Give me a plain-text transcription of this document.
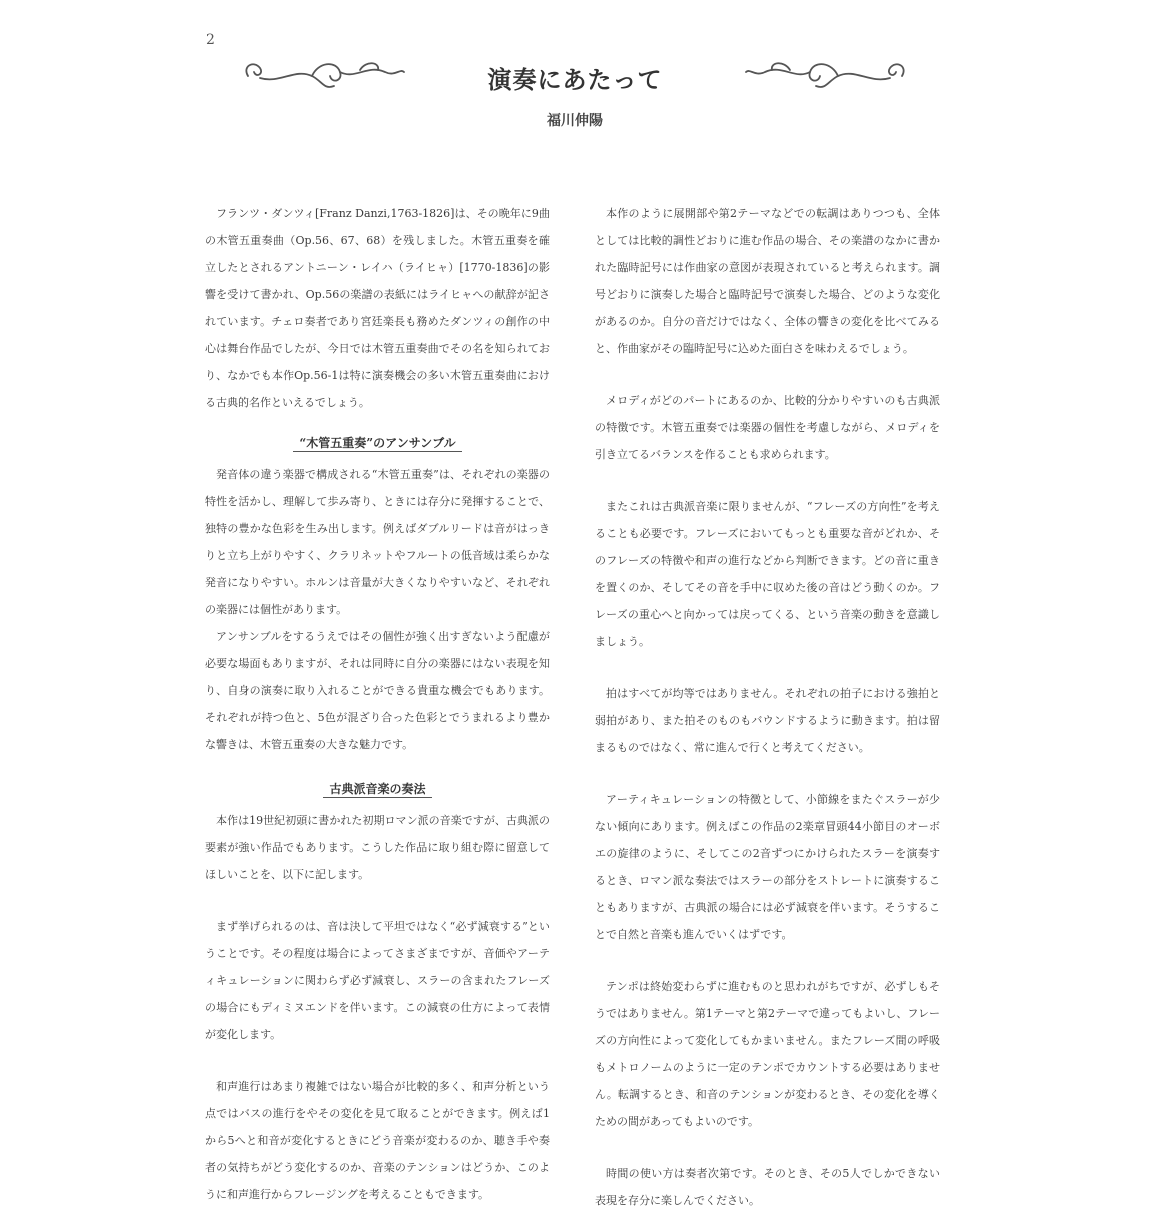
2
演奏にあたって
福川伸陽

フランツ・ダンツィ[Franz Danzi,1763-1826]は、その晩年に9曲の木管五重奏曲（Op.56、67、68）を残しました。木管五重奏を確立したとされるアントニーン・レイハ（ライヒャ）[1770-1836]の影響を受けて書かれ、Op.56の楽譜の表紙にはライヒャへの献辞が記されています。チェロ奏者であり宮廷楽長も務めたダンツィの創作の中心は舞台作品でしたが、今日では木管五重奏曲でその名を知られており、なかでも本作Op.56-1は特に演奏機会の多い木管五重奏曲における古典的名作といえるでしょう。

“木管五重奏”のアンサンブル

発音体の違う楽器で構成される“木管五重奏”は、それぞれの楽器の特性を活かし、理解して歩み寄り、ときには存分に発揮することで、独特の豊かな色彩を生み出します。例えばダブルリードは音がはっきりと立ち上がりやすく、クラリネットやフルートの低音域は柔らかな発音になりやすい。ホルンは音量が大きくなりやすいなど、それぞれの楽器には個性があります。

アンサンブルをするうえではその個性が強く出すぎないよう配慮が必要な場面もありますが、それは同時に自分の楽器にはない表現を知り、自身の演奏に取り入れることができる貴重な機会でもあります。それぞれが持つ色と、5色が混ざり合った色彩とでうまれるより豊かな響きは、木管五重奏の大きな魅力です。

古典派音楽の奏法

本作は19世紀初頭に書かれた初期ロマン派の音楽ですが、古典派の要素が強い作品でもあります。こうした作品に取り組む際に留意してほしいことを、以下に記します。

まず挙げられるのは、音は決して平坦ではなく“必ず減衰する”ということです。その程度は場合によってさまざまですが、音価やアーティキュレーションに関わらず必ず減衰し、スラーの含まれたフレーズの場合にもディミヌエンドを伴います。この減衰の仕方によって表情が変化します。

和声進行はあまり複雑ではない場合が比較的多く、和声分析という点ではバスの進行をやその変化を見て取ることができます。例えば1から5へと和音が変化するときにどう音楽が変わるのか、聴き手や奏者の気持ちがどう変化するのか、音楽のテンションはどうか、このように和声進行からフレージングを考えることもできます。

本作のように展開部や第2テーマなどでの転調はありつつも、全体としては比較的調性どおりに進む作品の場合、その楽譜のなかに書かれた臨時記号には作曲家の意図が表現されていると考えられます。調号どおりに演奏した場合と臨時記号で演奏した場合、どのような変化があるのか。自分の音だけではなく、全体の響きの変化を比べてみると、作曲家がその臨時記号に込めた面白さを味わえるでしょう。

メロディがどのパートにあるのか、比較的分かりやすいのも古典派の特徴です。木管五重奏では楽器の個性を考慮しながら、メロディを引き立てるバランスを作ることも求められます。

またこれは古典派音楽に限りませんが、“フレーズの方向性”を考えることも必要です。フレーズにおいてもっとも重要な音がどれか、そのフレーズの特徴や和声の進行などから判断できます。どの音に重きを置くのか、そしてその音を手中に収めた後の音はどう動くのか。フレーズの重心へと向かっては戻ってくる、という音楽の動きを意識しましょう。

拍はすべてが均等ではありません。それぞれの拍子における強拍と弱拍があり、また拍そのものもバウンドするように動きます。拍は留まるものではなく、常に進んで行くと考えてください。

アーティキュレーションの特徴として、小節線をまたぐスラーが少ない傾向にあります。例えばこの作品の2楽章冒頭44小節目のオーボエの旋律のように、そしてこの2音ずつにかけられたスラーを演奏するとき、ロマン派な奏法ではスラーの部分をストレートに演奏することもありますが、古典派の場合には必ず減衰を伴います。そうすることで自然と音楽も進んでいくはずです。

テンポは終始変わらずに進むものと思われがちですが、必ずしもそうではありません。第1テーマと第2テーマで違ってもよいし、フレーズの方向性によって変化してもかまいません。またフレーズ間の呼吸もメトロノームのように一定のテンポでカウントする必要はありません。転調するとき、和音のテンションが変わるとき、その変化を導くための間があってもよいのです。

時間の使い方は奏者次第です。そのとき、その5人でしかできない表現を存分に楽しんでください。
